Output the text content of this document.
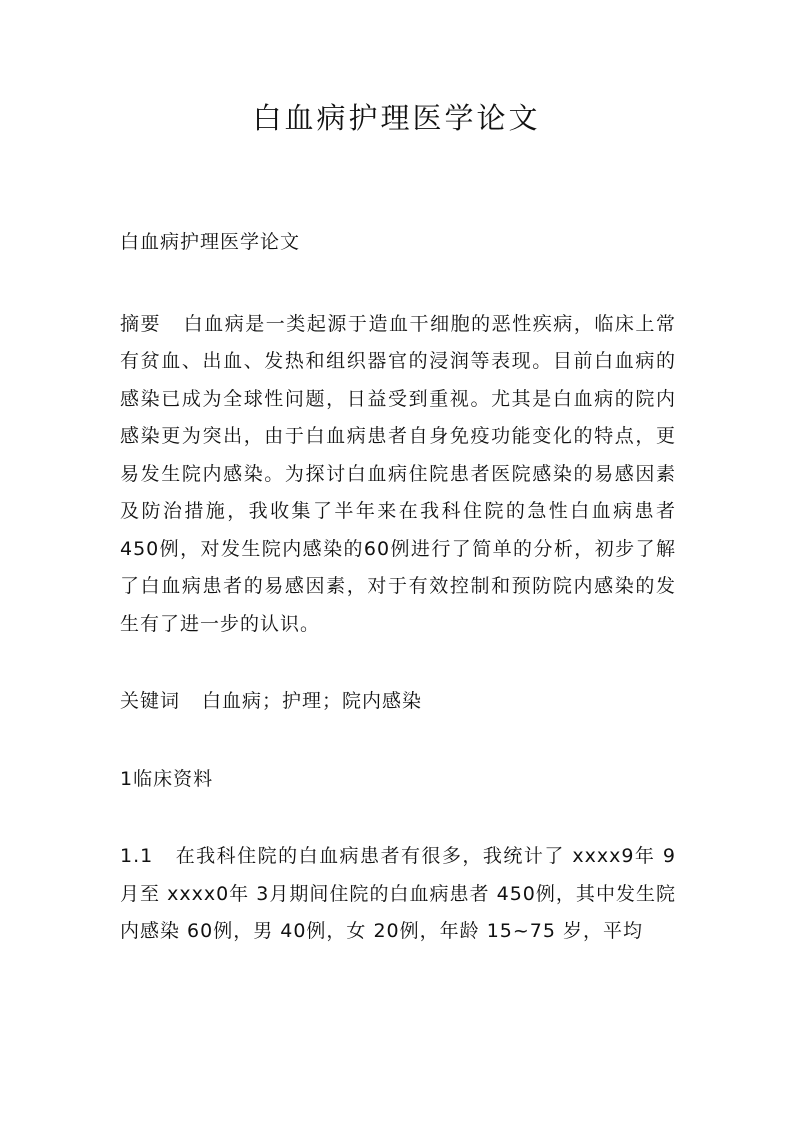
白血病护理医学论文

白血病护理医学论文

摘要 白血病是一类起源于造血干细胞的恶性疾病，临床上常有贫血、出血、发热和组织器官的浸润等表现。目前白血病的感染已成为全球性问题，日益受到重视。尤其是白血病的院内感染更为突出，由于白血病患者自身免疫功能变化的特点，更易发生院内感染。为探讨白血病住院患者医院感染的易感因素及防治措施，我收集了半年来在我科住院的急性白血病患者 450例，对发生院内感染的60例进行了简单的分析，初步了解了白血病患者的易感因素，对于有效控制和预防院内感染的发生有了进一步的认识。

关键词 白血病；护理；院内感染

1临床资料

1.1 在我科住院的白血病患者有很多，我统计了 xxxx9年 9月至 xxxx0年 3月期间住院的白血病患者 450例，其中发生院内感染 60例，男 40例，女 20例，年龄 15~75 岁，平均
